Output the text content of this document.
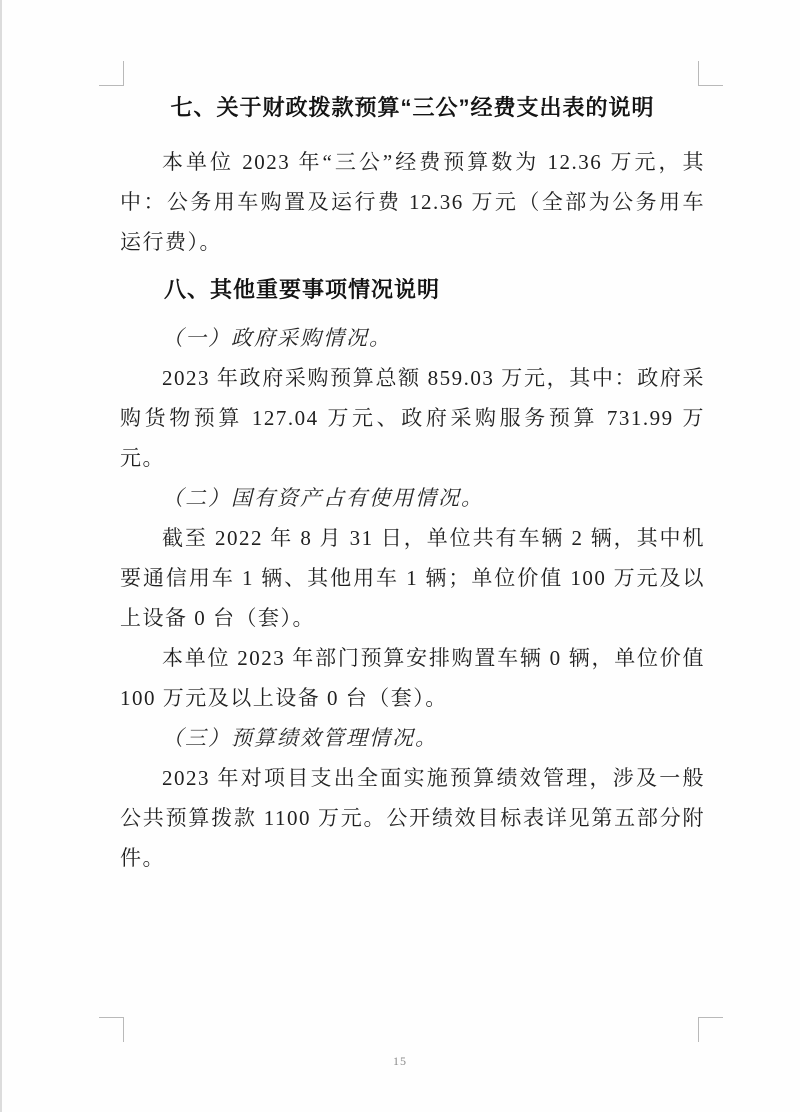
七、关于财政拨款预算“三公”经费支出表的说明

本单位 2023 年“三公”经费预算数为 12.36 万元，其中：公务用车购置及运行费 12.36 万元（全部为公务用车运行费）。

八、其他重要事项情况说明

（一）政府采购情况。

2023 年政府采购预算总额 859.03 万元，其中：政府采购货物预算 127.04 万元、政府采购服务预算 731.99 万元。

（二）国有资产占有使用情况。

截至 2022 年 8 月 31 日，单位共有车辆 2 辆，其中机要通信用车 1 辆、其他用车 1 辆；单位价值 100 万元及以上设备 0 台（套）。

本单位 2023 年部门预算安排购置车辆 0 辆，单位价值 100 万元及以上设备 0 台（套）。

（三）预算绩效管理情况。

2023 年对项目支出全面实施预算绩效管理，涉及一般公共预算拨款 1100 万元。公开绩效目标表详见第五部分附件。

15
